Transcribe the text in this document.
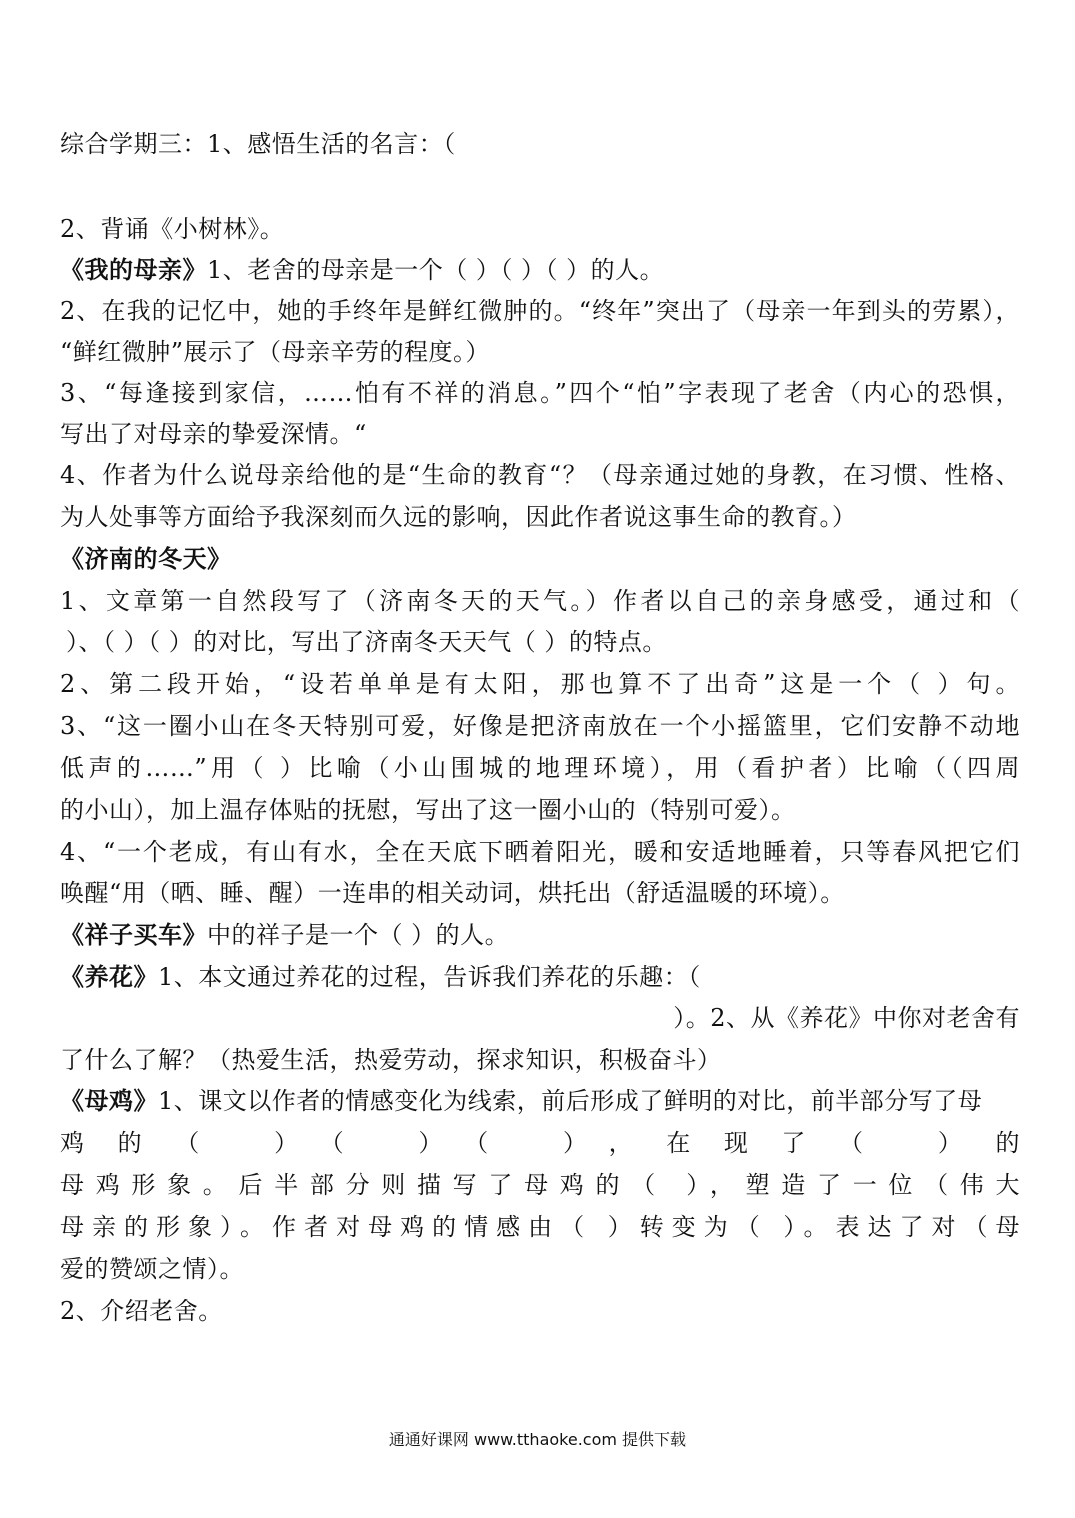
综合学期三：1、感悟生活的名言：（
2、背诵《小树林》。
《我的母亲》1、老舍的母亲是一个（ ）（ ）（ ）的人。
2、在我的记忆中，她的手终年是鲜红微肿的。“终年”突出了（母亲一年到头的劳累），
“鲜红微肿”展示了（母亲辛劳的程度。）
3、“每逢接到家信，……怕有不祥的消息。”四个“怕”字表现了老舍（内心的恐惧，
写出了对母亲的挚爱深情。“
4、作者为什么说母亲给他的是“生命的教育“？（母亲通过她的身教，在习惯、性格、
为人处事等方面给予我深刻而久远的影响，因此作者说这事生命的教育。）
《济南的冬天》
1、文章第一自然段写了（济南冬天的天气。）作者以自己的亲身感受，通过和（
）、（ ）（ ）的对比，写出了济南冬天天气（ ）的特点。
2、第二段开始，“设若单单是有太阳，那也算不了出奇”这是一个（ ）句。
3、“这一圈小山在冬天特别可爱，好像是把济南放在一个小摇篮里，它们安静不动地
低声的……”用（ ）比喻（小山围城的地理环境），用（看护者）比喻（（四周
的小山），加上温存体贴的抚慰，写出了这一圈小山的（特别可爱）。
4、“一个老成，有山有水，全在天底下晒着阳光，暖和安适地睡着，只等春风把它们
唤醒“用（晒、睡、醒）一连串的相关动词，烘托出（舒适温暖的环境）。
《祥子买车》中的祥子是一个（ ）的人。
《养花》1、本文通过养花的过程，告诉我们养花的乐趣：（
）。2、从《养花》中你对老舍有
了什么了解？（热爱生活，热爱劳动，探求知识，积极奋斗）
《母鸡》1、课文以作者的情感变化为线索，前后形成了鲜明的对比，前半部分写了母
鸡的（ ）（ ）（ ），在现了（ ）的
母鸡形象。后半部分则描写了母鸡的（ ），塑造了一位（伟大
母亲的形象）。作者对母鸡的情感由（ ）转变为（ ）。表达了对（母
爱的赞颂之情）。
2、介绍老舍。
通通好课网 www.tthaoke.com 提供下载
